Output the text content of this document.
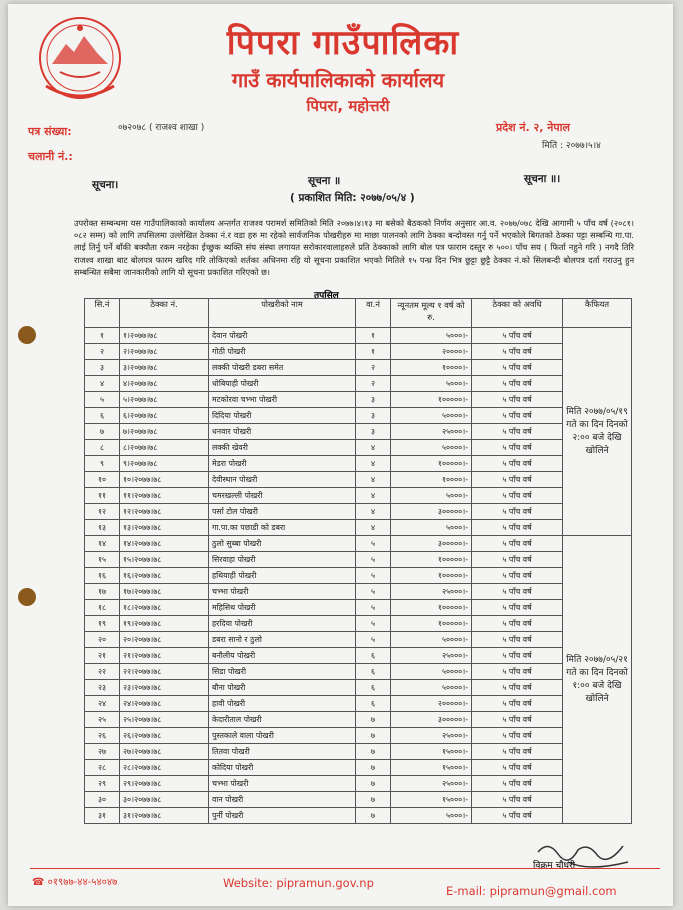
पिपरा गाउँपालिका
गाउँ कार्यपालिकाको कार्यालय
पिपरा, महोत्तरी
पत्र संख्या:
चलानी नं.:
०७२०७८ ( राजश्व शाखा )	प्रदेश नं. २, नेपाल
मिति : २०७७।५।४
सूचना।	सूचना ॥	सूचना ॥।
( प्रकाशित मिति: २०७७/०५/४ )
उपरोक्त सम्बन्धमा यस गाउँपालिकाको कार्यालय अन्तर्गत राजश्व परामर्श समितिको मिति २०७७।४।१३ मा बसेको बैठकको निर्णय अनुसार आ.व. २०७७/०७८ देखि आगामी ५ पाँच वर्ष (२०८१।०८२ सम्म) को लागि तपसिलमा उल्लेखित ठेक्का नं.र वडा हरु मा रहेको सार्वजनिक पोखरीहरु मा माछा पालनको लागि ठेक्का बन्दोवस्त गर्नु पर्ने भएकोले बिगतको ठेक्का पट्टा सम्बन्धि गा.पा. लाई तिर्नु पर्ने बाँकी बक्यौता रकम नरहेका ईच्छुक ब्यक्ति संघ संस्था लगायत सरोकारवालाहरुले प्रति ठेक्काको लागि बोल पत्र फाराम दस्तुर रु ५००। पाँच सय ( फिर्ता नहुने गरि ) नगदै तिरि राजश्व शाखा बाट बोलपत्र फारम खरिद गरि तोकिएको शर्तका अधिनमा रहि यो सूचना प्रकाशित भएको मितिले १५ पन्ध्र दिन भित्र छुट्टा छुट्टै ठेक्का नं.को सिलबन्दी बोलपत्र दर्ता गराउनु हुन सम्बन्धित सबैमा जानकारीको लागि यो सूचना प्रकाशित गरिएको छ।
तपसिल
सि.नं	ठेक्का नं.	पोखरीको नाम	वा.नं	न्यूनतम मूल्य १ वर्ष को रु.	ठेक्का को अवधि	कैफियत
१	१।२०७७।७८	देवान पोखरी	१	५०००।-	५ पाँच वर्ष	मिति २०७७/०५/१९ गते का दिन दिनको २:०० बजे देखि खोलिने
२	२।२०७७।७८	गोठी पोखरी	१	२००००।-	५ पाँच वर्ष	
३	३।२०७७।७८	लक्की पोखरी डबरा समेत	२	१००००।-	५ पाँच वर्ष	
४	४।२०७७।७८	धोबियाही पोखरी	२	५०००।-	५ पाँच वर्ष	
५	५।२०७७।७८	मटकोरवा चभ्भा पोखरी	३	१०००००।-	५ पाँच वर्ष	
६	६।२०७७।७८	दिदिया पोखरी	३	५००००।-	५ पाँच वर्ष	
७	७।२०७७।७८	धनवार पोखरी	३	२५०००।-	५ पाँच वर्ष	
८	८।२०७७।७८	लक्की खेवरी	४	५००००।-	५ पाँच वर्ष	
९	९।२०७७।७८	मेडरा पोखरी	४	१०००००।-	५ पाँच वर्ष	
१०	१०।२०७७।७८	देवीस्थान पोखरी	४	१००००।-	५ पाँच वर्ष	
११	११।२०७७।७८	चमरखल्ली पोखरी	४	५०००।-	५ पाँच वर्ष	
१२	१२।२०७७।७८	पर्सा टोल पोखरी	४	३०००००।-	५ पाँच वर्ष	
१३	१३।२०७७।७८	गा.पा.का पछाडी को डबरा	४	५०००।-	५ पाँच वर्ष	
१४	१४।२०७७।७८	ठुलो सुब्बा पोखरी	५	३०००००।-	५ पाँच वर्ष	मिति २०७७/०५/२१ गते का दिन दिनको १:०० बजे देखि खोलिने
१५	१५।२०७७।७८	सिरवाहा पोखरी	५	१०००००।-	५ पाँच वर्ष	
१६	१६।२०७७।७८	हथियाही पोखरी	५	१०००००।-	५ पाँच वर्ष	
१७	१७।२०७७।७८	चभ्भा पोखरी	५	२५०००।-	५ पाँच वर्ष	
१८	१८।२०७७।७८	महिसिथ पोखरी	५	१०००००।-	५ पाँच वर्ष	
१९	१९।२०७७।७८	हरदिया पोखरी	५	१०००००।-	५ पाँच वर्ष	
२०	२०।२०७७।७८	डबरा सानो र ठुलो	५	५००००।-	५ पाँच वर्ष	
२१	२१।२०७७।७८	बनौलीय पोखरी	६	२५०००।-	५ पाँच वर्ष	
२२	२२।२०७७।७८	सिडा पोखरी	६	५००००।-	५ पाँच वर्ष	
२३	२३।२०७७।७८	बौना पोखरी	६	५००००।-	५ पाँच वर्ष	
२४	२४।२०७७।७८	हावी पोखरी	६	२०००००।-	५ पाँच वर्ष	
२५	२५।२०७७।७८	केदारीताल पोखरी	७	३०००००।-	५ पाँच वर्ष	
२६	२६।२०७७।७८	पुस्तकाले वाला पोखरी	७	२५०००।-	५ पाँच वर्ष	
२७	२७।२०७७।७८	तितवा पोखरी	७	१५०००।-	५ पाँच वर्ष	
२८	२८।२०७७।७८	कोदिया पोखरी	७	१५०००।-	५ पाँच वर्ष	
२९	२९।२०७७।७८	चभ्भा पोखरी	७	२५०००।-	५ पाँच वर्ष	
३०	३०।२०७७।७८	वान पोखरी	७	१५०००।-	५ पाँच वर्ष	
३१	३१।२०७७।७८	पुर्नी पोखरी	७	५०००।-	५ पाँच वर्ष	
विक्रम चौधरी
☎ ०१९७७-४४-५४०४७	Website: pipramun.gov.np
E-mail: pipramun@gmail.com
